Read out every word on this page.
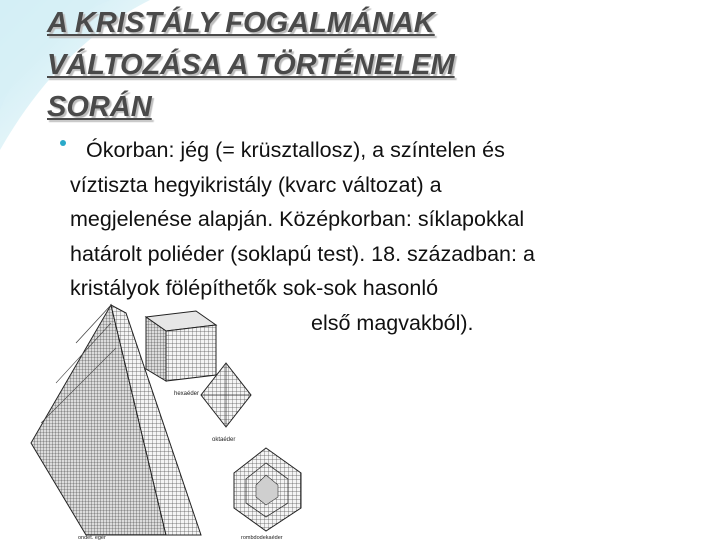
A KRISTÁLY FOGALMÁNAK
VÁLTOZÁSA A TÖRTÉNELEM
SORÁN
Ókorban: jég (= krüsztallosz), a színtelen és
víztiszta hegyikristály (kvarc változat) a
megjelenése alapján. Középkorban: síklapokkal
határolt poliéder (soklapú test). 18. században: a
kristályok fölépíthetők sok-sok hasonló
első magvakból).
hexaéder
oktaéder
rombdodekaéder
ondet. egér
